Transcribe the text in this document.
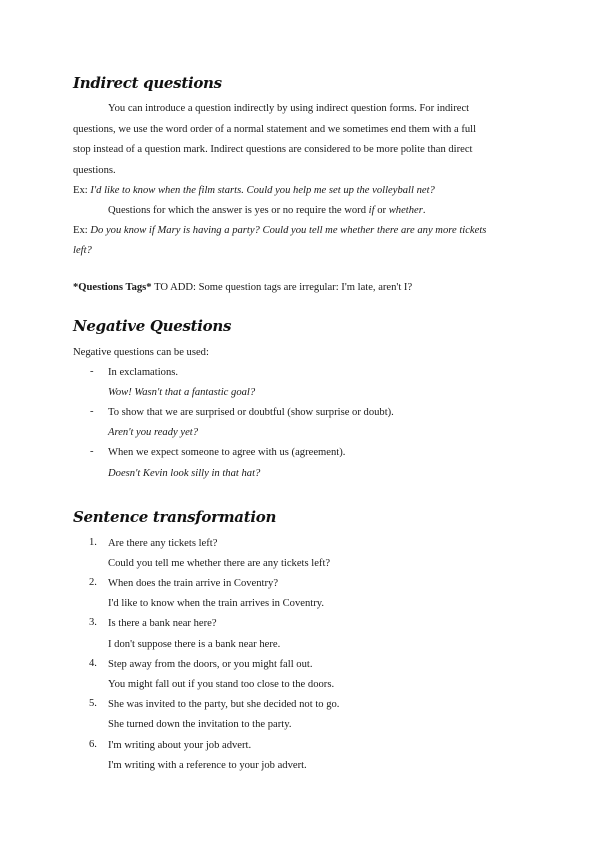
Indirect questions
You can introduce a question indirectly by using indirect question forms. For indirect
questions, we use the word order of a normal statement and we sometimes end them with a full
stop instead of a question mark. Indirect questions are considered to be more polite than direct
questions.
Ex: I'd like to know when the film starts. Could you help me set up the volleyball net?
Questions for which the answer is yes or no require the word if or whether.
Ex: Do you know if Mary is having a party? Could you tell me whether there are any more tickets
left?
*Questions Tags* TO ADD: Some question tags are irregular: I'm late, aren't I?
Negative Questions
Negative questions can be used:
- In exclamations.
Wow! Wasn't that a fantastic goal?
- To show that we are surprised or doubtful (show surprise or doubt).
Aren't you ready yet?
- When we expect someone to agree with us (agreement).
Doesn't Kevin look silly in that hat?
Sentence transformation
1.	Are there any tickets left?
Could you tell me whether there are any tickets left?
2.	When does the train arrive in Coventry?
I'd like to know when the train arrives in Coventry.
3.	Is there a bank near here?
I don't suppose there is a bank near here.
4.	Step away from the doors, or you might fall out.
You might fall out if you stand too close to the doors.
5.	She was invited to the party, but she decided not to go.
She turned down the invitation to the party.
6.	I'm writing about your job advert.
I'm writing with a reference to your job advert.
